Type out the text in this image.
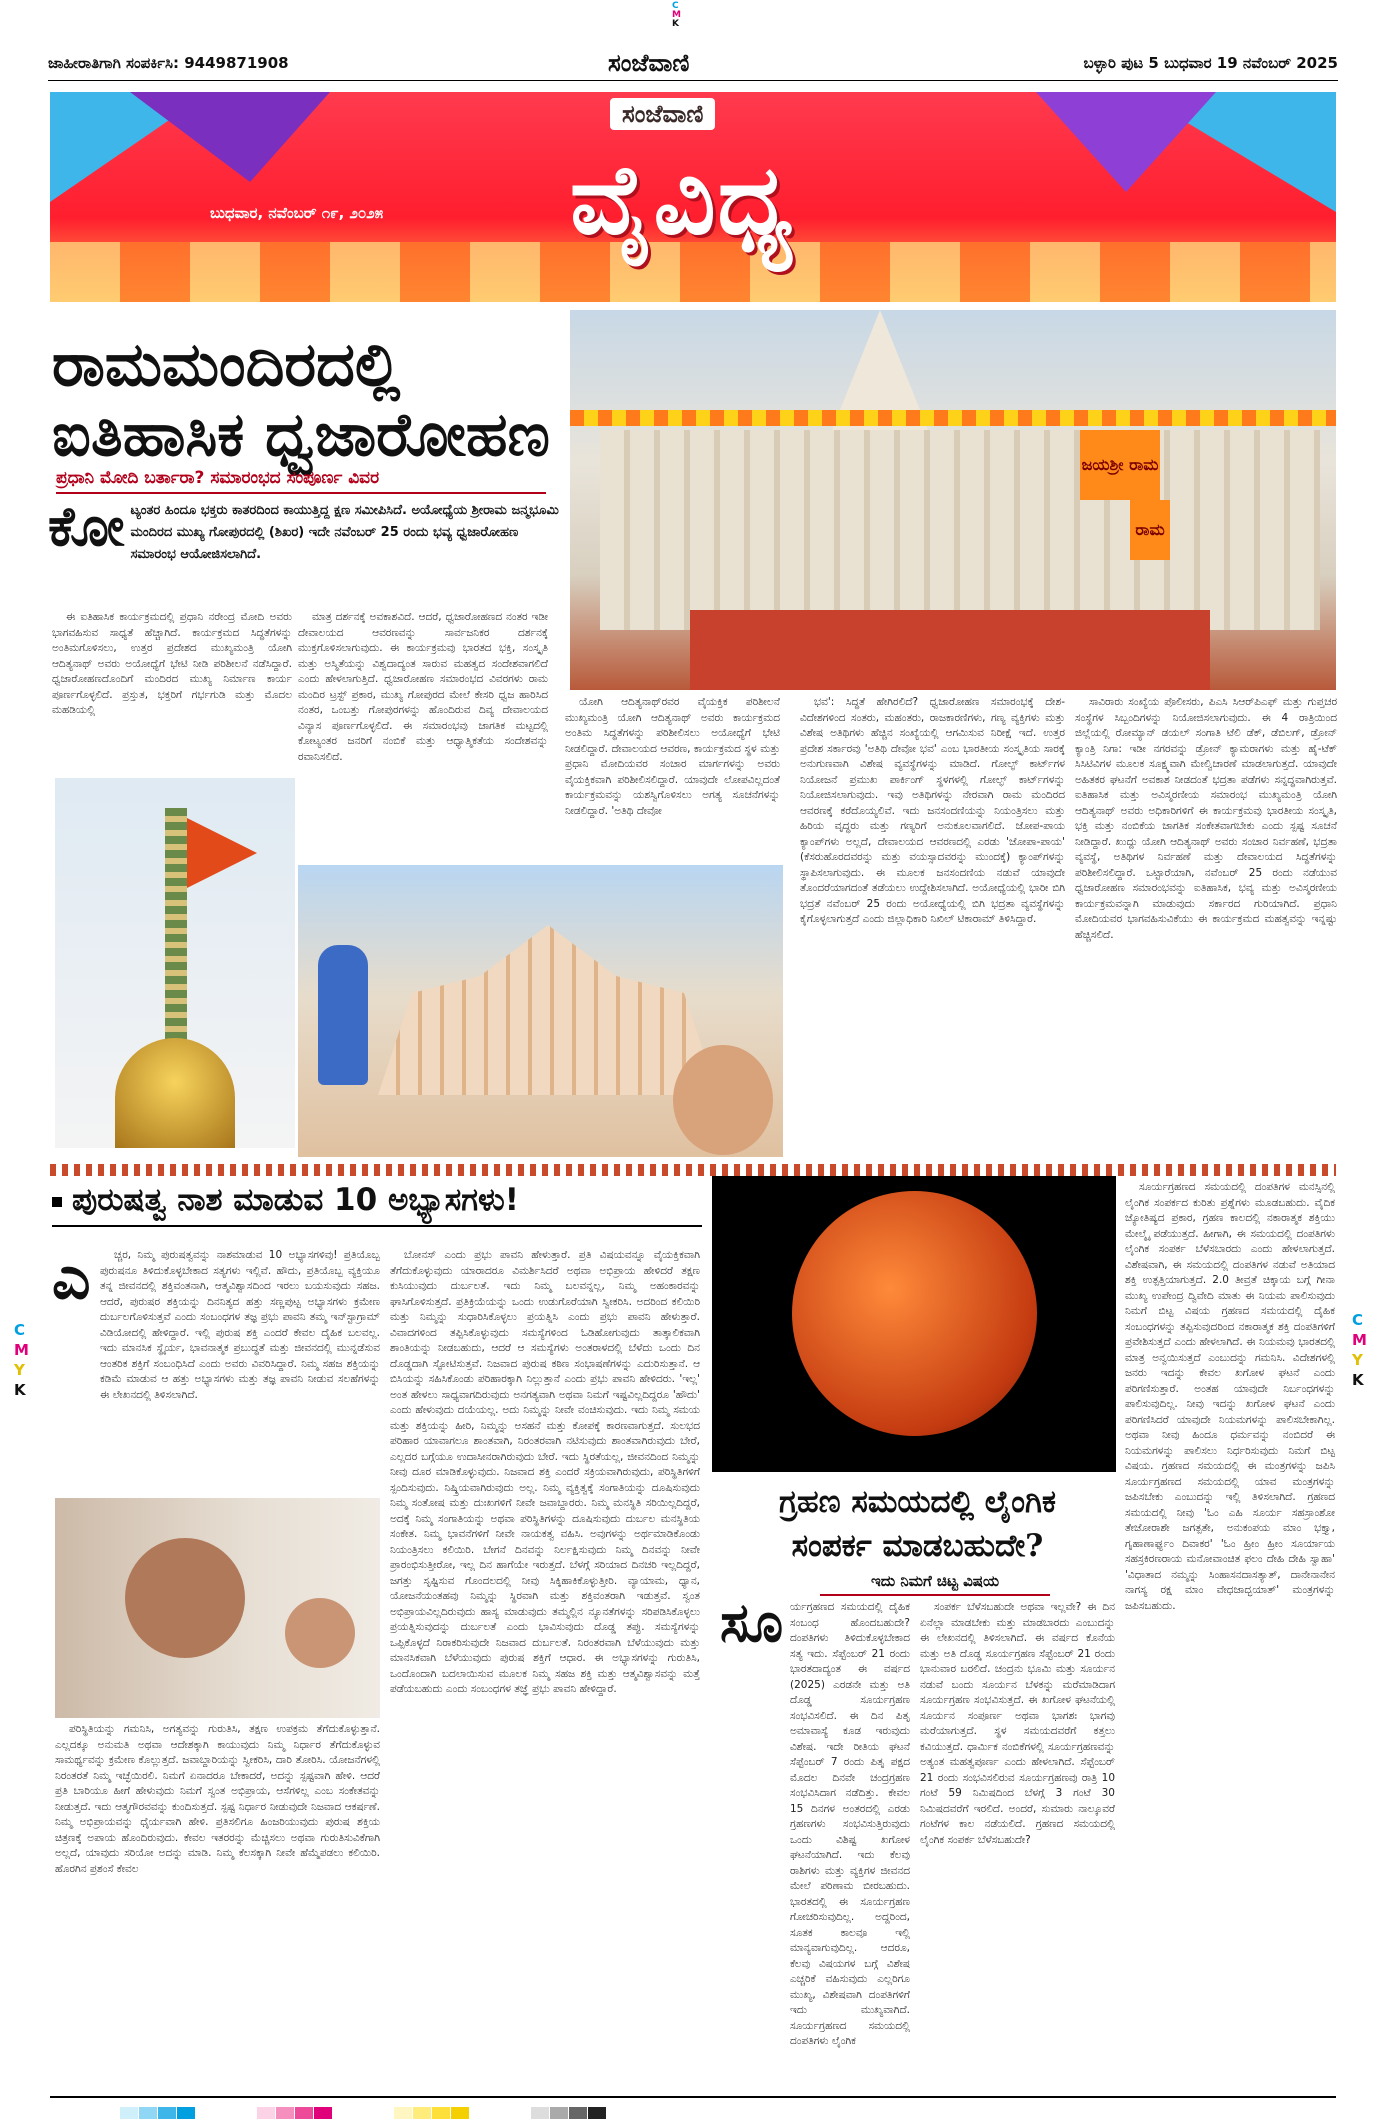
C
M
K
C
M
Y
K
C
M
Y
K
ಜಾಹೀರಾತಿಗಾಗಿ ಸಂಪರ್ಕಿಸಿ: 9449871908	ಸಂಜೆವಾಣಿ	ಬಳ್ಳಾರಿ ಪುಟ 5 ಬುಧವಾರ 19 ನವೆಂಬರ್ 2025
ಸಂಜೆವಾಣಿ
ಬುಧವಾರ, ನವೆಂಬರ್ ೧೯, ೨೦೨೫ ವೈವಿಧ್ಯ
ರಾಮಮಂದಿರದಲ್ಲಿ
ಐತಿಹಾಸಿಕ ಧ್ವಜಾರೋಹಣ
ಪ್ರಧಾನಿ ಮೋದಿ ಬರ್ತಾರಾ? ಸಮಾರಂಭದ ಸಂಪೂರ್ಣ ವಿವರ
ಕೋ ಟ್ಯಂತರ ಹಿಂದೂ ಭಕ್ತರು ಕಾತರದಿಂದ ಕಾಯುತ್ತಿದ್ದ ಕ್ಷಣ ಸಮೀಪಿಸಿದೆ. ಅಯೋಧ್ಯೆಯ ಶ್ರೀರಾಮ ಜನ್ಮಭೂಮಿ ಮಂದಿರದ ಮುಖ್ಯ ಗೋಪುರದಲ್ಲಿ (ಶಿಖರ) ಇದೇ ನವೆಂಬರ್ 25 ರಂದು ಭವ್ಯ ಧ್ವಜಾರೋಹಣ ಸಮಾರಂಭ ಆಯೋಜಿಸಲಾಗಿದೆ.
ಜಯಶ್ರೀ ರಾಮ
ರಾಮ

ಈ ಐತಿಹಾಸಿಕ ಕಾರ್ಯಕ್ರಮದಲ್ಲಿ ಪ್ರಧಾನಿ ನರೇಂದ್ರ ಮೋದಿ ಅವರು ಭಾಗವಹಿಸುವ ಸಾಧ್ಯತೆ ಹೆಚ್ಚಾಗಿದೆ. ಕಾರ್ಯಕ್ರಮದ ಸಿದ್ಧತೆಗಳನ್ನು ಅಂತಿಮಗೊಳಿಸಲು, ಉತ್ತರ ಪ್ರದೇಶದ ಮುಖ್ಯಮಂತ್ರಿ ಯೋಗಿ ಆದಿತ್ಯನಾಥ್ ಅವರು ಅಯೋಧ್ಯೆಗೆ ಭೇಟಿ ನೀಡಿ ಪರಿಶೀಲನೆ ನಡೆಸಿದ್ದಾರೆ. ಧ್ವಜಾರೋಹಣದೊಂದಿಗೆ ಮಂದಿರದ ಮುಖ್ಯ ನಿರ್ಮಾಣ ಕಾರ್ಯ ಪೂರ್ಣಗೊಳ್ಳಲಿದೆ. ಪ್ರಸ್ತುತ, ಭಕ್ತರಿಗೆ ಗರ್ಭಗುಡಿ ಮತ್ತು ಮೊದಲ ಮಹಡಿಯಲ್ಲಿ

ಮಾತ್ರ ದರ್ಶನಕ್ಕೆ ಅವಕಾಶವಿದೆ. ಆದರೆ, ಧ್ವಜಾರೋಹಣದ ನಂತರ ಇಡೀ ದೇವಾಲಯದ ಆವರಣವನ್ನು ಸಾರ್ವಜನಿಕರ ದರ್ಶನಕ್ಕೆ ಮುಕ್ತಗೊಳಿಸಲಾಗುವುದು. ಈ ಕಾರ್ಯಕ್ರಮವು ಭಾರತದ ಭಕ್ತಿ, ಸಂಸ್ಕೃತಿ ಮತ್ತು ಅಸ್ಮಿತೆಯನ್ನು ವಿಶ್ವದಾದ್ಯಂತ ಸಾರುವ ಮಹತ್ವದ ಸಂದೇಶವಾಗಲಿದೆ ಎಂದು ಹೇಳಲಾಗುತ್ತಿದೆ. ಧ್ವಜಾರೋಹಣ ಸಮಾರಂಭದ ವಿವರಗಳು ರಾಮ ಮಂದಿರ ಟ್ರಸ್ಟ್ ಪ್ರಕಾರ, ಮುಖ್ಯ ಗೋಪುರದ ಮೇಲೆ ಕೇಸರಿ ಧ್ವಜ ಹಾರಿಸಿದ ನಂತರ, ಒಂಬತ್ತು ಗೋಪುರಗಳನ್ನು ಹೊಂದಿರುವ ದಿವ್ಯ ದೇವಾಲಯದ ವಿನ್ಯಾಸ ಪೂರ್ಣಗೊಳ್ಳಲಿದೆ. ಈ ಸಮಾರಂಭವು ಜಾಗತಿಕ ಮಟ್ಟದಲ್ಲಿ ಕೋಟ್ಯಂತರ ಜನರಿಗೆ ನಂಬಿಕೆ ಮತ್ತು ಆಧ್ಯಾತ್ಮಿಕತೆಯ ಸಂದೇಶವನ್ನು ರವಾನಿಸಲಿದೆ.

ಯೋಗಿ ಆದಿತ್ಯನಾಥ್‌ರವರ ವೈಯಕ್ತಿಕ ಪರಿಶೀಲನೆ ಮುಖ್ಯಮಂತ್ರಿ ಯೋಗಿ ಆದಿತ್ಯನಾಥ್ ಅವರು ಕಾರ್ಯಕ್ರಮದ ಅಂತಿಮ ಸಿದ್ಧತೆಗಳನ್ನು ಪರಿಶೀಲಿಸಲು ಅಯೋಧ್ಯೆಗೆ ಭೇಟಿ ನೀಡಲಿದ್ದಾರೆ. ದೇವಾಲಯದ ಆವರಣ, ಕಾರ್ಯಕ್ರಮದ ಸ್ಥಳ ಮತ್ತು ಪ್ರಧಾನಿ ಮೋದಿಯವರ ಸಂಚಾರ ಮಾರ್ಗಗಳನ್ನು ಅವರು ವೈಯಕ್ತಿಕವಾಗಿ ಪರಿಶೀಲಿಸಲಿದ್ದಾರೆ. ಯಾವುದೇ ಲೋಪವಿಲ್ಲದಂತೆ ಕಾರ್ಯಕ್ರಮವನ್ನು ಯಶಸ್ವಿಗೊಳಿಸಲು ಅಗತ್ಯ ಸೂಚನೆಗಳನ್ನು ನೀಡಲಿದ್ದಾರೆ. 'ಅತಿಥಿ ದೇವೋ

ಭವ': ಸಿದ್ಧತೆ ಹೇಗಿರಲಿದೆ? ಧ್ವಜಾರೋಹಣ ಸಮಾರಂಭಕ್ಕೆ ದೇಶ-ವಿದೇಶಗಳಿಂದ ಸಂತರು, ಮಹಂತರು, ರಾಜಕಾರಣಿಗಳು, ಗಣ್ಯ ವ್ಯಕ್ತಿಗಳು ಮತ್ತು ವಿಶೇಷ ಅತಿಥಿಗಳು ಹೆಚ್ಚಿನ ಸಂಖ್ಯೆಯಲ್ಲಿ ಆಗಮಿಸುವ ನಿರೀಕ್ಷೆ ಇದೆ. ಉತ್ತರ ಪ್ರದೇಶ ಸರ್ಕಾರವು 'ಅತಿಥಿ ದೇವೋ ಭವ' ಎಂಬ ಭಾರತೀಯ ಸಂಸ್ಕೃತಿಯ ಸಾರಕ್ಕೆ ಅನುಗುಣವಾಗಿ ವಿಶೇಷ ವ್ಯವಸ್ಥೆಗಳನ್ನು ಮಾಡಿದೆ. ಗೋಲ್ಫ್ ಕಾರ್ಟ್‌ಗಳ ನಿಯೋಜನೆ ಪ್ರಮುಖ ಪಾರ್ಕಿಂಗ್ ಸ್ಥಳಗಳಲ್ಲಿ ಗೋಲ್ಫ್ ಕಾರ್ಟ್‌ಗಳನ್ನು ನಿಯೋಜಿಸಲಾಗುವುದು. ಇವು ಅತಿಥಿಗಳನ್ನು ನೇರವಾಗಿ ರಾಮ ಮಂದಿರದ ಆವರಣಕ್ಕೆ ಕರೆದೊಯ್ಯಲಿವೆ. ಇದು ಜನಸಂದಣಿಯನ್ನು ನಿಯಂತ್ರಿಸಲು ಮತ್ತು ಹಿರಿಯ ವೃದ್ಧರು ಮತ್ತು ಗಣ್ಯರಿಗೆ ಅನುಕೂಲವಾಗಲಿದೆ. ಜೋಪ-ಪಾಯ ಕ್ಯಾಂಪ್‌ಗಳು ಅಲ್ಲದೆ, ದೇವಾಲಯದ ಆವರಣದಲ್ಲಿ ಎರಡು 'ಜೋಪಾ-ಪಾಯ' (ಕೆಸರುಹೊರದವರನ್ನು ಮತ್ತು ವಯಸ್ಸಾದವರನ್ನು ಮುಂದಕ್ಕೆ) ಕ್ಯಾಂಪ್‌ಗಳನ್ನು ಸ್ಥಾಪಿಸಲಾಗುವುದು. ಈ ಮೂಲಕ ಜನಸಂದಣಿಯ ನಡುವೆ ಯಾವುದೇ ತೊಂದರೆಯಾಗದಂತೆ ತಡೆಯಲು ಉದ್ದೇಶಿಸಲಾಗಿದೆ. ಅಯೋಧ್ಯೆಯಲ್ಲಿ ಭಾರೀ ಬಿಗಿ ಭದ್ರತೆ ನವೆಂಬರ್ 25 ರಂದು ಅಯೋಧ್ಯೆಯಲ್ಲಿ ಬಿಗಿ ಭದ್ರತಾ ವ್ಯವಸ್ಥೆಗಳನ್ನು ಕೈಗೊಳ್ಳಲಾಗುತ್ತದೆ ಎಂದು ಜಿಲ್ಲಾಧಿಕಾರಿ ನಿಖಿಲ್ ಟಿಕಾರಾಮ್ ತಿಳಿಸಿದ್ದಾರೆ.

ಸಾವಿರಾರು ಸಂಖ್ಯೆಯ ಪೊಲೀಸರು, ಪಿಎಸಿ ಸಿಆರ್‌ಪಿಎಫ್ ಮತ್ತು ಗುಪ್ತಚರ ಸಂಸ್ಥೆಗಳ ಸಿಬ್ಬಂದಿಗಳನ್ನು ನಿಯೋಜಿಸಲಾಗುವುದು. ಈ 4 ರಾತ್ರಿಯಿಂದ ಜಿಲ್ಲೆಯಲ್ಲಿ ರೋಮ್ಯಾನ್ ಡಯಲ್ ಸಂಗಾತಿ ಟೆಲಿ ಡೆಕ್, ಡೆಬಿಲಗ್, ಡ್ರೋನ್ ಕ್ಯಾಂತ್ರಿ ನಿಗಾ: ಇಡೀ ನಗರವನ್ನು ಡ್ರೋನ್ ಕ್ಯಾಮರಾಗಳು ಮತ್ತು ಹೈ-ಟೆಕ್ ಸಿಸಿಟಿವಿಗಳ ಮೂಲಕ ಸೂಕ್ಷ್ಮವಾಗಿ ಮೇಲ್ವಿಚಾರಣೆ ಮಾಡಲಾಗುತ್ತದೆ. ಯಾವುದೇ ಅಹಿತಕರ ಘಟನೆಗೆ ಅವಕಾಶ ನೀಡದಂತೆ ಭದ್ರತಾ ಪಡೆಗಳು ಸನ್ನದ್ಧವಾಗಿರುತ್ತವೆ. ಐತಿಹಾಸಿಕ ಮತ್ತು ಅವಿಸ್ಮರಣೀಯ ಸಮಾರಂಭ ಮುಖ್ಯಮಂತ್ರಿ ಯೋಗಿ ಆದಿತ್ಯನಾಥ್ ಅವರು ಅಧಿಕಾರಿಗಳಿಗೆ ಈ ಕಾರ್ಯಕ್ರಮವು ಭಾರತೀಯ ಸಂಸ್ಕೃತಿ, ಭಕ್ತಿ ಮತ್ತು ನಂಬಿಕೆಯ ಜಾಗತಿಕ ಸಂಕೇತವಾಗಬೇಕು ಎಂದು ಸ್ಪಷ್ಟ ಸೂಚನೆ ನೀಡಿದ್ದಾರೆ. ಖುದ್ದು ಯೋಗಿ ಆದಿತ್ಯನಾಥ್ ಅವರು ಸಂಚಾರ ನಿರ್ವಹಣೆ, ಭದ್ರತಾ ವ್ಯವಸ್ಥೆ, ಅತಿಥಿಗಳ ನಿರ್ವಹಣೆ ಮತ್ತು ದೇವಾಲಯದ ಸಿದ್ಧತೆಗಳನ್ನು ಪರಿಶೀಲಿಸಲಿದ್ದಾರೆ. ಒಟ್ಟಾರೆಯಾಗಿ, ನವೆಂಬರ್ 25 ರಂದು ನಡೆಯುವ ಧ್ವಜಾರೋಹಣ ಸಮಾರಂಭವನ್ನು ಐತಿಹಾಸಿಕ, ಭವ್ಯ ಮತ್ತು ಅವಿಸ್ಮರಣೀಯ ಕಾರ್ಯಕ್ರಮವನ್ನಾಗಿ ಮಾಡುವುದು ಸರ್ಕಾರದ ಗುರಿಯಾಗಿದೆ. ಪ್ರಧಾನಿ ಮೋದಿಯವರ ಭಾಗವಹಿಸುವಿಕೆಯು ಈ ಕಾರ್ಯಕ್ರಮದ ಮಹತ್ವವನ್ನು ಇನ್ನಷ್ಟು ಹೆಚ್ಚಿಸಲಿದೆ.

ಪುರುಷತ್ವ ನಾಶ ಮಾಡುವ 10 ಅಭ್ಯಾಸಗಳು!
ಎ	ಚ್ಚರ, ನಿಮ್ಮ ಪುರುಷತ್ವವನ್ನು ನಾಶಮಾಡುವ 10 ಅಭ್ಯಾಸಗಳಿವು! ಪ್ರತಿಯೊಬ್ಬ ಪುರುಷನೂ ತಿಳಿದುಕೊಳ್ಳಬೇಕಾದ ಸತ್ಯಗಳು ಇಲ್ಲಿವೆ. ಹೌದು, ಪ್ರತಿಯೊಬ್ಬ ವ್ಯಕ್ತಿಯೂ ತನ್ನ ಜೀವನದಲ್ಲಿ ಶಕ್ತಿವಂತನಾಗಿ, ಆತ್ಮವಿಶ್ವಾಸದಿಂದ ಇರಲು ಬಯಸುವುದು ಸಹಜ. ಆದರೆ, ಪುರುಷರ ಶಕ್ತಿಯನ್ನು ದಿನನಿತ್ಯದ ಹತ್ತು ಸಣ್ಣಪುಟ್ಟ ಅಭ್ಯಾಸಗಳು ಕ್ರಮೇಣ ದುರ್ಬಲಗೊಳಿಸುತ್ತವೆ ಎಂದು ಸಂಬಂಧಗಳ ತಜ್ಞ ಪ್ರಭು ಪಾವನಿ ತಮ್ಮ ಇನ್‌ಸ್ಟಾಗ್ರಾಮ್ ವಿಡಿಯೋದಲ್ಲಿ ಹೇಳಿದ್ದಾರೆ. ಇಲ್ಲಿ ಪುರುಷ ಶಕ್ತಿ ಎಂದರೆ ಕೇವಲ ದೈಹಿಕ ಬಲವಲ್ಲ. ಇದು ಮಾನಸಿಕ ಸ್ಥೈರ್ಯ, ಭಾವನಾತ್ಮಕ ಪ್ರಬುದ್ಧತೆ ಮತ್ತು ಜೀವನದಲ್ಲಿ ಮುನ್ನಡೆಸುವ ಆಂತರಿಕ ಶಕ್ತಿಗೆ ಸಂಬಂಧಿಸಿದೆ ಎಂದು ಅವರು ವಿವರಿಸಿದ್ದಾರೆ. ನಿಮ್ಮ ಸಹಜ ಶಕ್ತಿಯನ್ನು ಕಡಿಮೆ ಮಾಡುವ ಆ ಹತ್ತು ಅಭ್ಯಾಸಗಳು ಮತ್ತು ತಜ್ಞ ಪಾವನಿ ನೀಡುವ ಸಲಹೆಗಳನ್ನು ಈ ಲೇಖನದಲ್ಲಿ ತಿಳಿಸಲಾಗಿದೆ.

ಪರಿಸ್ಥಿತಿಯನ್ನು ಗಮನಿಸಿ, ಅಗತ್ಯವನ್ನು ಗುರುತಿಸಿ, ತಕ್ಷಣ ಉಪಕ್ರಮ ತೆಗೆದುಕೊಳ್ಳುತ್ತಾನೆ. ಎಲ್ಲದಕ್ಕೂ ಅನುಮತಿ ಅಥವಾ ಆದೇಶಕ್ಕಾಗಿ ಕಾಯುವುದು ನಿಮ್ಮ ನಿರ್ಧಾರ ತೆಗೆದುಕೊಳ್ಳುವ ಸಾಮರ್ಥ್ಯವನ್ನು ಕ್ರಮೇಣ ಕೊಲ್ಲುತ್ತದೆ. ಜವಾಬ್ದಾರಿಯನ್ನು ಸ್ವೀಕರಿಸಿ, ದಾರಿ ತೋರಿಸಿ. ಯೋಜನೆಗಳಲ್ಲಿ ನಿರಂತರತೆ ನಿಮ್ಮ ಇಚ್ಛೆಯಿರಲಿ. ನಿಮಗೆ ಏನಾದರೂ ಬೇಕಾದರೆ, ಅದನ್ನು ಸ್ಪಷ್ಟವಾಗಿ ಹೇಳಿ. ಆದರೆ ಪ್ರತಿ ಬಾರಿಯೂ ಹೀಗೆ ಹೇಳುವುದು ನಿಮಗೆ ಸ್ವಂತ ಅಭಿಪ್ರಾಯ, ಆಸೆಗಳಿಲ್ಲ ಎಂಬ ಸಂಕೇತವನ್ನು ನೀಡುತ್ತದೆ. ಇದು ಆತ್ಮಗೌರವವನ್ನು ಕುಂದಿಸುತ್ತದೆ. ಸ್ಪಷ್ಟ ನಿರ್ಧಾರ ನೀಡುವುದೇ ನಿಜವಾದ ಆಕರ್ಷಣೆ. ನಿಮ್ಮ ಅಭಿಪ್ರಾಯವನ್ನು ಧೈರ್ಯವಾಗಿ ಹೇಳಿ. ಪ್ರತಿಸಲಿಗೂ ಹಿಂಜರಿಯುವುದು ಪುರುಷ ಶಕ್ತಿಯ ಚಿತ್ರಣಕ್ಕೆ ಅಪಾಯ ಹೊಂದಿರುವುದು. ಕೇವಲ ಇತರರನ್ನು ಮೆಚ್ಚಿಸಲು ಅಥವಾ ಗುರುತಿಸುವಿಕೆಗಾಗಿ ಅಲ್ಲದೆ, ಯಾವುದು ಸರಿಯೋ ಅದನ್ನು ಮಾಡಿ. ನಿಮ್ಮ ಕೆಲಸಕ್ಕಾಗಿ ನೀವೇ ಹೆಮ್ಮೆಪಡಲು ಕಲಿಯಿರಿ. ಹೊರಗಿನ ಪ್ರಶಂಸೆ ಕೇವಲ

ಬೋನಸ್ ಎಂದು ಪ್ರಭು ಪಾವನಿ ಹೇಳುತ್ತಾರೆ. ಪ್ರತಿ ವಿಷಯವನ್ನೂ ವೈಯಕ್ತಿಕವಾಗಿ ತೆಗೆದುಕೊಳ್ಳುವುದು ಯಾರಾದರೂ ವಿಮರ್ಶಿಸಿದರೆ ಅಥವಾ ಅಭಿಪ್ರಾಯ ಹೇಳಿದರೆ ತಕ್ಷಣ ಕುಸಿಯುವುದು ದುರ್ಬಲತೆ. ಇದು ನಿಮ್ಮ ಬಲವನ್ನಲ್ಲ, ನಿಮ್ಮ ಅಹಂಕಾರವನ್ನು ಘಾಸಿಗೊಳಿಸುತ್ತದೆ. ಪ್ರತಿಕ್ರಿಯೆಯನ್ನು ಒಂದು ಉಡುಗೊರೆಯಾಗಿ ಸ್ವೀಕರಿಸಿ. ಅದರಿಂದ ಕಲಿಯಿರಿ ಮತ್ತು ನಿಮ್ಮನ್ನು ಸುಧಾರಿಸಿಕೊಳ್ಳಲು ಪ್ರಯತ್ನಿಸಿ ಎಂದು ಪ್ರಭು ಪಾವನಿ ಹೇಳುತ್ತಾರೆ. ವಿವಾದಗಳಿಂದ ತಪ್ಪಿಸಿಕೊಳ್ಳುವುದು ಸಮಸ್ಯೆಗಳಿಂದ ಓಡಿಹೋಗುವುದು ತಾತ್ಕಾಲಿಕವಾಗಿ ಶಾಂತಿಯನ್ನು ನೀಡಬಹುದು, ಆದರೆ ಆ ಸಮಸ್ಯೆಗಳು ಅಂತರಾಳದಲ್ಲಿ ಬೆಳೆದು ಒಂದು ದಿನ ದೊಡ್ಡದಾಗಿ ಸ್ಫೋಟಿಸುತ್ತವೆ. ನಿಜವಾದ ಪುರುಷ ಕಠಿಣ ಸಂಭಾಷಣೆಗಳನ್ನು ಎದುರಿಸುತ್ತಾನೆ. ಆ ಬಿಸಿಯನ್ನು ಸಹಿಸಿಕೊಂಡು ಪರಿಹಾರಕ್ಕಾಗಿ ನಿಲ್ಲುತ್ತಾನೆ ಎಂದು ಪ್ರಭು ಪಾವನಿ ಹೇಳಿದರು. 'ಇಲ್ಲ' ಅಂತ ಹೇಳಲು ಸಾಧ್ಯವಾಗದಿರುವುದು ಅನಗತ್ಯವಾಗಿ ಅಥವಾ ನಿಮಗೆ ಇಷ್ಟವಿಲ್ಲದಿದ್ದರೂ 'ಹೌದು' ಎಂದು ಹೇಳುವುದು ದಯೆಯಲ್ಲ. ಅದು ನಿಮ್ಮನ್ನು ನೀವೇ ವಂಚಿಸುವುದು. ಇದು ನಿಮ್ಮ ಸಮಯ ಮತ್ತು ಶಕ್ತಿಯನ್ನು ಹೀರಿ, ನಿಮ್ಮನ್ನು ಅಸಹನೆ ಮತ್ತು ಕೋಪಕ್ಕೆ ಕಾರಣವಾಗುತ್ತದೆ. ಸುಲಭದ ಪರಿಹಾರ ಯಾವಾಗಲೂ ಶಾಂತವಾಗಿ, ನಿರಂತರವಾಗಿ ನಟಿಸುವುದು ಶಾಂತವಾಗಿರುವುದು ಬೇರೆ, ಎಲ್ಲದರ ಬಗ್ಗೆಯೂ ಉದಾಸೀನರಾಗಿರುವುದು ಬೇರೆ. ಇದು ಸ್ಥಿರತೆಯಲ್ಲ, ಜೀವನದಿಂದ ನಿಮ್ಮನ್ನು ನೀವು ದೂರ ಮಾಡಿಕೊಳ್ಳುವುದು. ನಿಜವಾದ ಶಕ್ತಿ ಎಂದರೆ ಸಕ್ರಿಯವಾಗಿರುವುದು, ಪರಿಸ್ಥಿತಿಗಳಿಗೆ ಸ್ಪಂದಿಸುವುದು. ನಿಷ್ಕ್ರಿಯವಾಗಿರುವುದು ಅಲ್ಲ. ನಿಮ್ಮ ವ್ಯಕ್ತಿತ್ವಕ್ಕೆ ಸಂಗಾತಿಯನ್ನು ದೂಷಿಸುವುದು ನಿಮ್ಮ ಸಂತೋಷ ಮತ್ತು ದುಃಖಗಳಿಗೆ ನೀವೇ ಜವಾಬ್ದಾರರು. ನಿಮ್ಮ ಮನಸ್ಥಿತಿ ಸರಿಯಿಲ್ಲದಿದ್ದರೆ, ಅದಕ್ಕೆ ನಿಮ್ಮ ಸಂಗಾತಿಯನ್ನು ಅಥವಾ ಪರಿಸ್ಥಿತಿಗಳನ್ನು ದೂಷಿಸುವುದು ದುರ್ಬಲ ಮನಸ್ಥಿತಿಯ ಸಂಕೇತ. ನಿಮ್ಮ ಭಾವನೆಗಳಿಗೆ ನೀವೇ ನಾಯಕತ್ವ ವಹಿಸಿ. ಅವುಗಳನ್ನು ಅರ್ಥಮಾಡಿಕೊಂಡು ನಿಯಂತ್ರಿಸಲು ಕಲಿಯಿರಿ. ಬೇಗನೆ ದಿನವನ್ನು ನಿರ್ಲಕ್ಷಿಸುವುದು ನಿಮ್ಮ ದಿನವನ್ನು ನೀವೇ ಪ್ರಾರಂಭಿಸುತ್ತೀರೋ, ಇಲ್ಲ ದಿನ ಹಾಗೆಯೇ ಇರುತ್ತದೆ. ಬೆಳಗ್ಗೆ ಸರಿಯಾದ ದಿನಚರಿ ಇಲ್ಲದಿದ್ದರೆ, ಜಗತ್ತು ಸೃಷ್ಟಿಸುವ ಗೊಂದಲದಲ್ಲಿ ನೀವು ಸಿಕ್ಕಿಹಾಕಿಕೊಳ್ಳುತ್ತೀರಿ. ವ್ಯಾಯಾಮ, ಧ್ಯಾನ, ಯೋಜನೆಯಂತಹವು ನಿಮ್ಮನ್ನು ಸ್ಥಿರವಾಗಿ ಮತ್ತು ಶಕ್ತಿವಂತರಾಗಿ ಇಡುತ್ತವೆ. ಸ್ವಂತ ಅಭಿಪ್ರಾಯವಿಲ್ಲದಿರುವುದು ಹಾಸ್ಯ ಮಾಡುವುದು ತಮ್ಮಲ್ಲಿನ ನ್ಯೂನತೆಗಳನ್ನು ಸರಿಪಡಿಸಿಕೊಳ್ಳಲು ಪ್ರಯತ್ನಿಸುವುದನ್ನು ದುರ್ಬಲತೆ ಎಂದು ಭಾವಿಸುವುದು ದೊಡ್ಡ ತಪ್ಪು. ಸಮಸ್ಯೆಗಳನ್ನು ಒಪ್ಪಿಕೊಳ್ಳದೆ ನಿರಾಕರಿಸುವುದೇ ನಿಜವಾದ ದುರ್ಬಲತೆ. ನಿರಂತರವಾಗಿ ಬೆಳೆಯುವುದು ಮತ್ತು ಮಾನಸಿಕವಾಗಿ ಬೆಳೆಯುವುದು ಪುರುಷ ಶಕ್ತಿಗೆ ಆಧಾರ. ಈ ಅಭ್ಯಾಸಗಳನ್ನು ಗುರುತಿಸಿ, ಒಂದೊಂದಾಗಿ ಬದಲಾಯಿಸುವ ಮೂಲಕ ನಿಮ್ಮ ಸಹಜ ಶಕ್ತಿ ಮತ್ತು ಆತ್ಮವಿಶ್ವಾಸವನ್ನು ಮತ್ತೆ ಪಡೆಯಬಹುದು ಎಂದು ಸಂಬಂಧಗಳ ತಜ್ಞೆ ಪ್ರಭು ಪಾವನಿ ಹೇಳಿದ್ದಾರೆ.

ಗ್ರಹಣ ಸಮಯದಲ್ಲಿ ಲೈಂಗಿಕ
ಸಂಪರ್ಕ ಮಾಡಬಹುದೇ?
ಇದು ನಿಮಗೆ ಚಿಟ್ಟ ವಿಷಯ
ಸೂ ರ್ಯಗ್ರಹಣದ ಸಮಯದಲ್ಲಿ ದೈಹಿಕ ಸಂಬಂಧ ಹೊಂದಬಹುದೇ? ದಂಪತಿಗಳು ತಿಳಿದುಕೊಳ್ಳಬೇಕಾದ ಸತ್ಯ ಇದು. ಸೆಪ್ಟೆಂಬರ್ 21 ರಂದು ಭಾರತದಾದ್ಯಂತ ಈ ವರ್ಷದ (2025) ಎರಡನೇ ಮತ್ತು ಅತಿ ದೊಡ್ಡ ಸೂರ್ಯಗ್ರಹಣ ಸಂಭವಿಸಲಿದೆ. ಈ ದಿನ ಪಿತೃ ಅಮಾವಾಸ್ಯೆ ಕೂಡ ಇರುವುದು ವಿಶೇಷ. ಇದೇ ರೀತಿಯ ಘಟನೆ ಸೆಪ್ಟೆಂಬರ್ 7 ರಂದು ಪಿತೃ ಪಕ್ಷದ ಮೊದಲ ದಿನವೇ ಚಂದ್ರಗ್ರಹಣ ಸಂಭವಿಸಿದಾಗ ನಡೆದಿತ್ತು. ಕೇವಲ 15 ದಿನಗಳ ಅಂತರದಲ್ಲಿ ಎರಡು ಗ್ರಹಣಗಳು ಸಂಭವಿಸುತ್ತಿರುವುದು ಒಂದು ವಿಶಿಷ್ಟ ಖಗೋಳ ಘಟನೆಯಾಗಿದೆ. ಇದು ಕೆಲವು ರಾಶಿಗಳು ಮತ್ತು ವ್ಯಕ್ತಿಗಳ ಜೀವನದ ಮೇಲೆ ಪರಿಣಾಮ ಬೀರಬಹುದು. ಭಾರತದಲ್ಲಿ ಈ ಸೂರ್ಯಗ್ರಹಣ ಗೋಚರಿಸುವುದಿಲ್ಲ. ಅದ್ದರಿಂದ, ಸೂತಕ ಕಾಲವೂ ಇಲ್ಲಿ ಮಾನ್ಯವಾಗುವುದಿಲ್ಲ. ಆದರೂ, ಕೆಲವು ವಿಷಯಗಳ ಬಗ್ಗೆ ವಿಶೇಷ ಎಚ್ಚರಿಕೆ ವಹಿಸುವುದು ಎಲ್ಲರಿಗೂ ಮುಖ್ಯ, ವಿಶೇಷವಾಗಿ ದಂಪತಿಗಳಿಗೆ ಇದು ಮುಖ್ಯವಾಗಿದೆ. ಸೂರ್ಯಗ್ರಹಣದ ಸಮಯದಲ್ಲಿ ದಂಪತಿಗಳು ಲೈಂಗಿಕ

ಸಂಪರ್ಕ ಬೆಳೆಸಬಹುದೇ ಅಥವಾ ಇಲ್ಲವೇ? ಈ ದಿನ ಏನೆಲ್ಲಾ ಮಾಡಬೇಕು ಮತ್ತು ಮಾಡಬಾರದು ಎಂಬುದನ್ನು ಈ ಲೇಖನದಲ್ಲಿ ತಿಳಿಸಲಾಗಿದೆ. ಈ ವರ್ಷದ ಕೊನೆಯ ಮತ್ತು ಅತಿ ದೊಡ್ಡ ಸೂರ್ಯಗ್ರಹಣ ಸೆಪ್ಟೆಂಬರ್ 21 ರಂದು ಭಾನುವಾರ ಬರಲಿದೆ. ಚಂದ್ರನು ಭೂಮಿ ಮತ್ತು ಸೂರ್ಯನ ನಡುವೆ ಬಂದು ಸೂರ್ಯನ ಬೆಳಕನ್ನು ಮರೆಮಾಡಿದಾಗ ಸೂರ್ಯಗ್ರಹಣ ಸಂಭವಿಸುತ್ತದೆ. ಈ ಖಗೋಳ ಘಟನೆಯಲ್ಲಿ ಸೂರ್ಯನ ಸಂಪೂರ್ಣ ಅಥವಾ ಭಾಗಶಃ ಭಾಗವು ಮರೆಯಾಗುತ್ತದೆ. ಸ್ಥಳ ಸಮಯದವರೆಗೆ ಕತ್ತಲು ಕವಿಯುತ್ತದೆ. ಧಾರ್ಮಿಕ ನಂಬಿಕೆಗಳಲ್ಲಿ ಸೂರ್ಯಗ್ರಹಣವನ್ನು ಅತ್ಯಂತ ಮಹತ್ವಪೂರ್ಣ ಎಂದು ಹೇಳಲಾಗಿದೆ. ಸೆಪ್ಟೆಂಬರ್ 21 ರಂದು ಸಂಭವಿಸಲಿರುವ ಸೂರ್ಯಗ್ರಹಣವು ರಾತ್ರಿ 10 ಗಂಟೆ 59 ನಿಮಿಷದಿಂದ ಬೆಳಗ್ಗೆ 3 ಗಂಟೆ 30 ನಿಮಿಷದವರೆಗೆ ಇರಲಿದೆ. ಅಂದರೆ, ಸುಮಾರು ನಾಲ್ಕೂವರೆ ಗಂಟೆಗಳ ಕಾಲ ನಡೆಯಲಿದೆ. ಗ್ರಹಣದ ಸಮಯದಲ್ಲಿ ಲೈಂಗಿಕ ಸಂಪರ್ಕ ಬೆಳೆಸಬಹುದೇ?

ಸೂರ್ಯಗ್ರಹಣದ ಸಮಯದಲ್ಲಿ ದಂಪತಿಗಳ ಮನಸ್ಸಿನಲ್ಲಿ ಲೈಂಗಿಕ ಸಂಪರ್ಕದ ಕುರಿತು ಪ್ರಶ್ನೆಗಳು ಮೂಡಬಹುದು. ವೈದಿಕ ಜ್ಯೋತಿಷ್ಯದ ಪ್ರಕಾರ, ಗ್ರಹಣ ಕಾಲದಲ್ಲಿ ನಕಾರಾತ್ಮಕ ಶಕ್ತಿಯು ಮೇಲ್ಮೈ ಪಡೆಯುತ್ತದೆ. ಹೀಗಾಗಿ, ಈ ಸಮಯದಲ್ಲಿ ದಂಪತಿಗಳು ಲೈಂಗಿಕ ಸಂಪರ್ಕ ಬೆಳೆಸಬಾರದು ಎಂದು ಹೇಳಲಾಗುತ್ತದೆ. ವಿಶೇಷವಾಗಿ, ಈ ಸಮಯದಲ್ಲಿ ದಂಪತಿಗಳ ನಡುವೆ ಅತಿಯಾದ ಶಕ್ತಿ ಉತ್ಪತ್ತಿಯಾಗುತ್ತದೆ. 2.0 ತೀವ್ರತೆ ಚಿಕ್ಕಾಯ ಬಗ್ಗೆ ಗೀನಾ ಮುಖ್ಯ ಉಪೇಂದ್ರ ದ್ವಿವೇದಿ ಮಾತು ಈ ನಿಯಮ ಪಾಲಿಸುವುದು ನಿಮಗೆ ಬಿಟ್ಟ ವಿಷಯ ಗ್ರಹಣದ ಸಮಯದಲ್ಲಿ ದೈಹಿಕ ಸಂಬಂಧಗಳನ್ನು ತಪ್ಪಿಸುವುದರಿಂದ ನಕಾರಾತ್ಮಕ ಶಕ್ತಿ ದಂಪತಿಗಳಿಗೆ ಪ್ರವೇಶಿಸುತ್ತದೆ ಎಂದು ಹೇಳಲಾಗಿದೆ. ಈ ನಿಯಮವು ಭಾರತದಲ್ಲಿ ಮಾತ್ರ ಅನ್ವಯಿಸುತ್ತದೆ ಎಂಬುದನ್ನು ಗಮನಿಸಿ. ವಿದೇಶಗಳಲ್ಲಿ ಜನರು ಇದನ್ನು ಕೇವಲ ಖಗೋಳ ಘಟನೆ ಎಂದು ಪರಿಗಣಿಸುತ್ತಾರೆ. ಅಂತಹ ಯಾವುದೇ ನಿರ್ಬಂಧಗಳನ್ನು ಪಾಲಿಸುವುದಿಲ್ಲ. ನೀವು ಇದನ್ನು ಖಗೋಳ ಘಟನೆ ಎಂದು ಪರಿಗಣಿಸಿದರೆ ಯಾವುದೇ ನಿಯಮಗಳನ್ನು ಪಾಲಿಸಬೇಕಾಗಿಲ್ಲ. ಅಥವಾ ನೀವು ಹಿಂದೂ ಧರ್ಮವನ್ನು ನಂಬಿದರೆ ಈ ನಿಯಮಗಳನ್ನು ಪಾಲಿಸಲು ನಿರ್ಧರಿಸುವುದು ನಿಮಗೆ ಬಿಟ್ಟ ವಿಷಯ. ಗ್ರಹಣದ ಸಮಯದಲ್ಲಿ ಈ ಮಂತ್ರಗಳನ್ನು ಜಪಿಸಿ ಸೂರ್ಯಗ್ರಹಣದ ಸಮಯದಲ್ಲಿ ಯಾವ ಮಂತ್ರಗಳನ್ನು ಜಪಿಸಬೇಕು ಎಂಬುದನ್ನು ಇಲ್ಲಿ ತಿಳಿಸಲಾಗಿದೆ. ಗ್ರಹಣದ ಸಮಯದಲ್ಲಿ ನೀವು 'ಓಂ ಎಹಿ ಸೂರ್ಯ ಸಹಸ್ರಾಂಶೋ ತೇಜೋರಾಶೇ ಜಗತ್ಪತೇ, ಅನುಕಂಪಯ ಮಾಂ ಭಕ್ತ್ಯಾ, ಗೃಹಾಣಾರ್ಘ್ಯಂ ದಿವಾಕರ' 'ಓಂ ಹ್ರೀಂ ಹ್ರೀಂ ಸೂರ್ಯಾಯ ಸಹಸ್ರಕಿರಣರಾಯ ಮನೋವಾಂಚಿತ ಫಲಂ ದೇಹಿ ದೇಹಿ ಸ್ವಾಹಾ' 'ವಿಧಾತಾದ ನಮ್ಮನ್ನು ಸಿಂಹಾಸನದಾಸತ್ಯಾತ್, ದಾನೇನಾನೇನ ನಾಗಸ್ಯ ರಕ್ಷ ಮಾಂ ವೇಧಜಾದ್ಭಯಾತ್' ಮಂತ್ರಗಳನ್ನು ಜಪಿಸಬಹುದು.
